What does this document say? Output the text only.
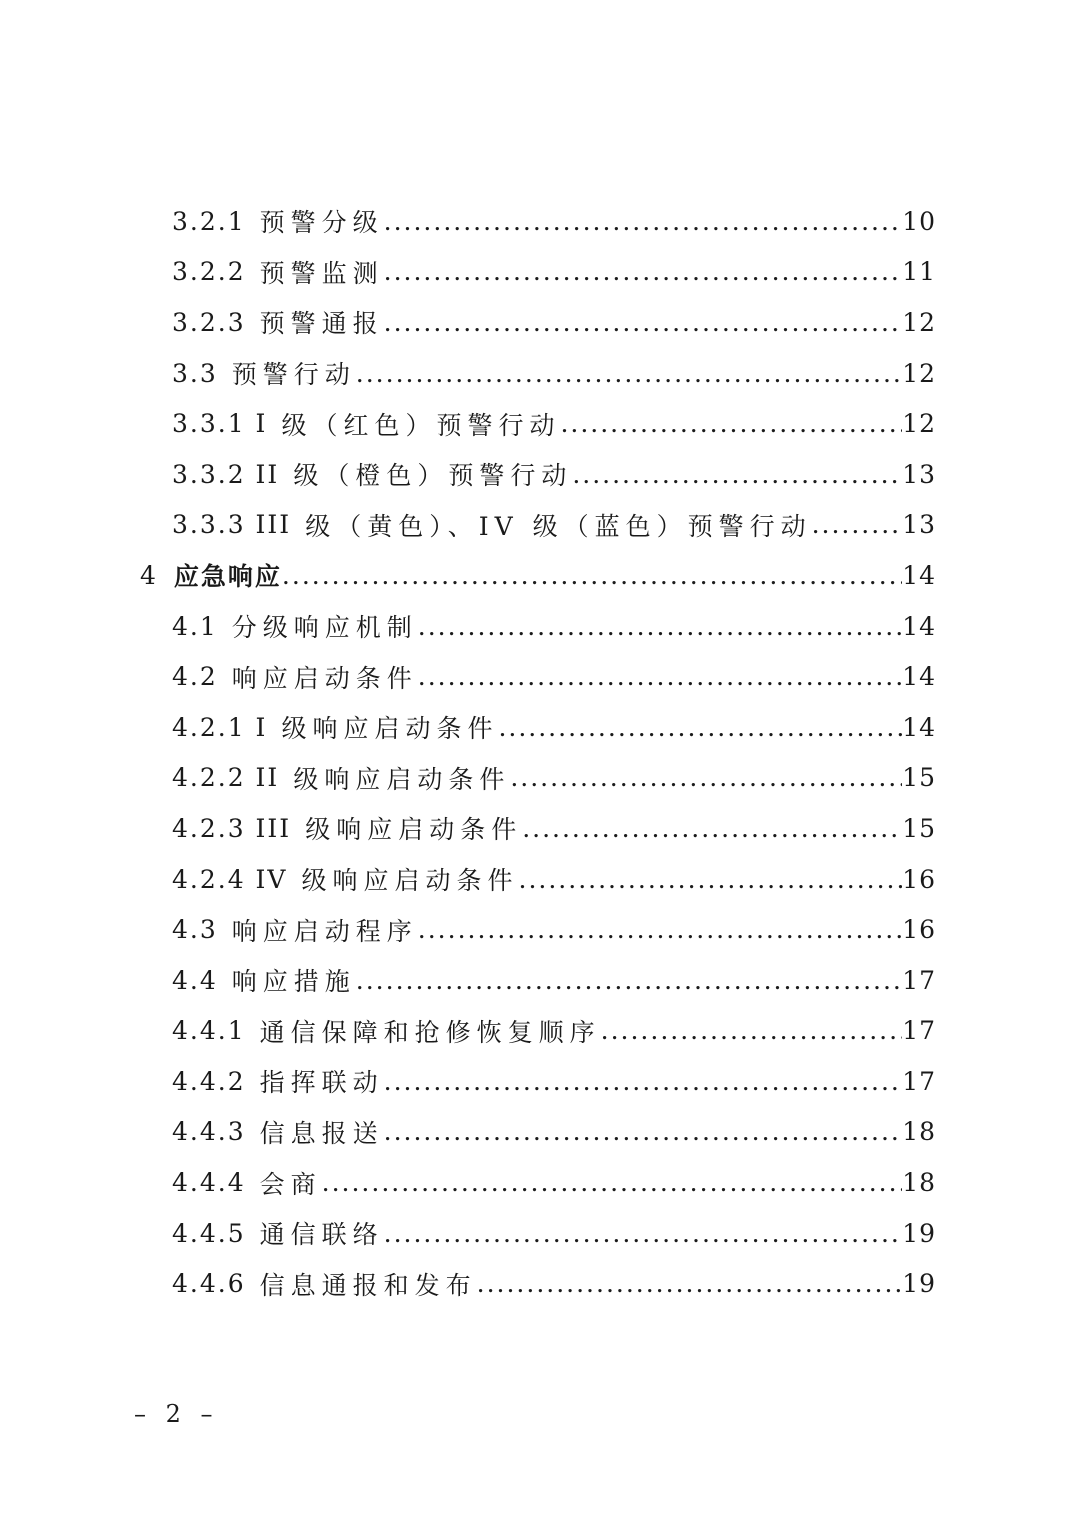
3.2.1 预警分级 .....	10
3.2.2 预警监测 .....	11
3.2.3 预警通报 .....	12
3.3 预警行动 .....	12
3.3.1 I 级（红色）预警行动 .....	12
3.3.2 II 级（橙色）预警行动 .....	13
3.3.3 III 级（黄色）、IV 级（蓝色）预警行动 .....	13
4 应急响应 .....	14
4.1 分级响应机制 .....	14
4.2 响应启动条件 .....	14
4.2.1 I 级响应启动条件 .....	14
4.2.2 II 级响应启动条件 .....	15
4.2.3 III 级响应启动条件 .....	15
4.2.4 IV 级响应启动条件 .....	16
4.3 响应启动程序 .....	16
4.4 响应措施 .....	17
4.4.1 通信保障和抢修恢复顺序 .....	17
4.4.2 指挥联动 .....	17
4.4.3 信息报送 .....	18
4.4.4 会商 .....	18
4.4.5 通信联络 .....	19
4.4.6 信息通报和发布 .....	19
– 2 –
